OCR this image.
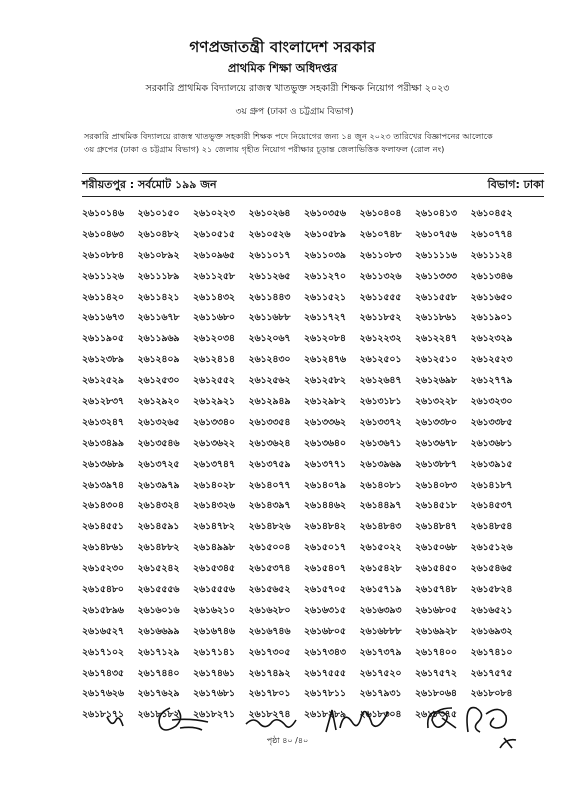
গণপ্রজাতন্ত্রী বাংলাদেশ সরকার
প্রাথমিক শিক্ষা অধিদপ্তর
সরকারি প্রাথমিক বিদ্যালয়ে রাজস্ব খাতভুক্ত সহকারী শিক্ষক নিয়োগ পরীক্ষা ২০২৩
৩য় গ্রুপ (ঢাকা ও চট্টগ্রাম বিভাগ)
সরকারি প্রাথমিক বিদ্যালয়ে রাজস্ব খাতভুক্ত সহকারী শিক্ষক পদে নিয়োগের জন্য ১৪ জুন ২০২৩ তারিখের বিজ্ঞাপনের আলোকে
৩য় গ্রুপের (ঢাকা ও চট্টগ্রাম বিভাগ) ২১ জেলায় গৃহীত নিয়োগ পরীক্ষার চূড়ান্ত জেলাভিত্তিক ফলাফল (রোল নং)
শরীয়তপুর : সর্বমোট ১৯৯ জন	বিভাগ: ঢাকা
২৬১০১৪৬	২৬১০১৫০	২৬১০২২৩	২৬১০২৬৪	২৬১০৩৫৬	২৬১০৪০৪	২৬১০৪১৩	২৬১০৪৫২
২৬১০৪৬৩	২৬১০৪৮২	২৬১০৫১৫	২৬১০৫২৬	২৬১০৫৮৯	২৬১০৭৪৮	২৬১০৭৫৬	২৬১০৭৭৪
২৬১০৮৮৪	২৬১০৮৯২	২৬১০৯৬৫	২৬১১০১৭	২৬১১০৩৯	২৬১১০৮৩	২৬১১১১৬	২৬১১১২৪
২৬১১১২৬	২৬১১১৮৯	২৬১১২৫৮	২৬১১২৬৫	২৬১১২৭০	২৬১১৩২৬	২৬১১৩৩৩	২৬১১৩৪৬
২৬১১৪২০	২৬১১৪২১	২৬১১৪৩২	২৬১১৪৪৩	২৬১১৫২১	২৬১১৫৫৫	২৬১১৫৫৮	২৬১১৬৫০
২৬১১৬৭৩	২৬১১৬৭৮	২৬১১৬৮০	২৬১১৬৮৮	২৬১১৭২৭	২৬১১৮৫২	২৬১১৮৬১	২৬১১৯০১
২৬১১৯০৫	২৬১১৯৬৯	২৬১২০৩৪	২৬১২০৬৭	২৬১২০৮৪	২৬১২২৩২	২৬১২২৪৭	২৬১২৩২৯
২৬১২৩৮৯	২৬১২৪০৯	২৬১২৪১৪	২৬১২৪৩০	২৬১২৪৭৬	২৬১২৫০১	২৬১২৫১০	২৬১২৫২৩
২৬১২৫২৯	২৬১২৫৩০	২৬১২৫৫২	২৬১২৫৬২	২৬১২৫৮২	২৬১২৬৪৭	২৬১২৬৯৮	২৬১২৭৭৯
২৬১২৮৩৭	২৬১২৯২০	২৬১২৯২১	২৬১২৯৪৯	২৬১২৯৮২	২৬১৩১৮১	২৬১৩২২৮	২৬১৩২৩০
২৬১৩২৪৭	২৬১৩২৬৫	২৬১৩৩৪০	২৬১৩৩৫৪	২৬১৩৩৬২	২৬১৩৩৭২	২৬১৩৩৮০	২৬১৩৩৮৫
২৬১৩৪৯৯	২৬১৩৫৪৬	২৬১৩৬২২	২৬১৩৬২৪	২৬১৩৬৪০	২৬১৩৬৭১	২৬১৩৬৭৮	২৬১৩৬৮১
২৬১৩৬৮৯	২৬১৩৭২৫	২৬১৩৭৪৭	২৬১৩৭৫৯	২৬১৩৭৭১	২৬১৩৯৬৯	২৬১৩৮৮৭	২৬১৩৯১৫
২৬১৩৯৭৪	২৬১৩৯৭৯	২৬১৪০২৮	২৬১৪০৭৭	২৬১৪০৭৯	২৬১৪০৮১	২৬১৪০৮৩	২৬১৪১৮৭
২৬১৪৩০৪	২৬১৪৩২৪	২৬১৪৩২৬	২৬১৪৩৯৭	২৬১৪৪৬২	২৬১৪৪৯৭	২৬১৪৫১৮	২৬১৪৫৩৭
২৬১৪৫৫১	২৬১৪৫৯১	২৬১৪৭৮২	২৬১৪৮২৬	২৬১৪৮৪২	২৬১৪৮৪৩	২৬১৪৮৪৭	২৬১৪৮৫৪
২৬১৪৮৬১	২৬১৪৮৮২	২৬১৪৯৯৮	২৬১৫০০৪	২৬১৫০১৭	২৬১৫০২২	২৬১৫০৬৮	২৬১৫১২৬
২৬১৫২৩০	২৬১৫২৪২	২৬১৫৩৪৫	২৬১৫৩৭৪	২৬১৫৪০৭	২৬১৫৪২৮	২৬১৫৪৫০	২৬১৫৪৬৫
২৬১৫৪৮০	২৬১৫৫৫৬	২৬১৫৫৫৬	২৬১৫৬৫২	২৬১৫৭০৫	২৬১৫৭১৯	২৬১৫৭৪৮	২৬১৫৮২৪
২৬১৫৮৯৬	২৬১৬০১৬	২৬১৬২১০	২৬১৬২৮০	২৬১৬৩১৫	২৬১৬৩৯৩	২৬১৬৮০৫	২৬১৬৫২১
২৬১৬৫২৭	২৬১৬৬৯৯	২৬১৬৭৪৬	২৬১৬৭৪৬	২৬১৬৮০৫	২৬১৬৮৮৮	২৬১৬৯২৮	২৬১৬৯৩২
২৬১৭১০২	২৬১৭১২৯	২৬১৭১৪১	২৬১৭৩০৫	২৬১৭৩৪৩	২৬১৭৩৭৯	২৬১৭৪০০	২৬১৭৪১০
২৬১৭৪৩৫	২৬১৭৪৪০	২৬১৭৪৬১	২৬১৭৪৯২	২৬১৭৫৫৫	২৬১৭৫২০	২৬১৭৫৭২	২৬১৭৫৭৫
২৬১৭৬২৬	২৬১৭৬২৯	২৬১৭৬৮১	২৬১৭৮০১	২৬১৭৮১১	২৬১৭৯৩১	২৬১৮০৬৪	২৬১৮০৮৪
২৬১৮১৭১	২৬১৮১৮২	২৬১৮২৭১	২৬১৮২৭৪	২৬১৮২৮৯	২৬১৮৩০৪	২৬১৮৩৭৫
পৃষ্ঠা ৪০ /৪০
